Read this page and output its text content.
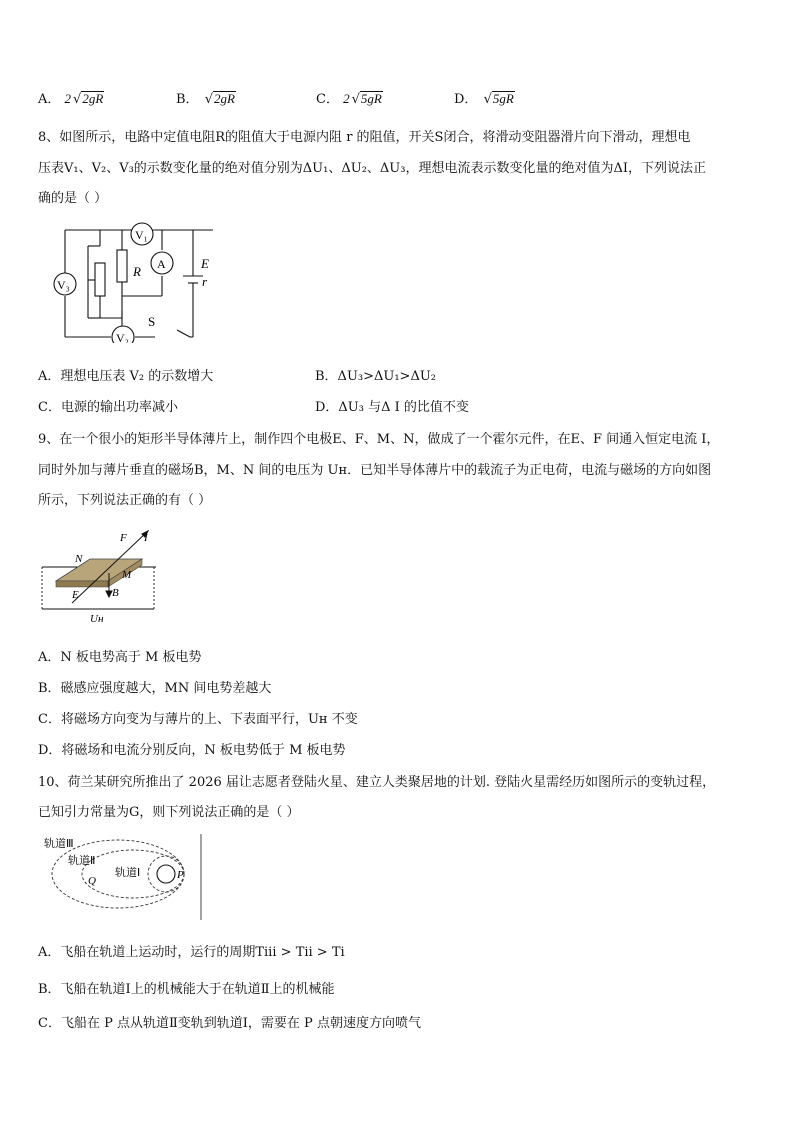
A． 2 √2gR	B． √2gR	C． 2 √5gR	D． √5gR
8、如图所示，电路中定值电阻R的阻值大于电源内阻 r 的阻值，开关S闭合，将滑动变阻器滑片向下滑动，理想电
压表V₁、V₂、V₃的示数变化量的绝对值分别为ΔU₁、ΔU₂、ΔU₃，理想电流表示数变化量的绝对值为ΔI，下列说法正
确的是（ ）
V₁
A
V₃
V₂
R
E
r
S
A．理想电压表 V₂ 的示数增大	B．ΔU₃>ΔU₁>ΔU₂
C．电源的输出功率减小	D．ΔU₃ 与Δ I 的比值不变
9、在一个很小的矩形半导体薄片上，制作四个电极E、F、M、N，做成了一个霍尔元件，在E、F 间通入恒定电流 I，
同时外加与薄片垂直的磁场B，M、N 间的电压为 Uʜ．已知半导体薄片中的载流子为正电荷，电流与磁场的方向如图
所示，下列说法正确的有（ ）
F I
N
M
E	B
Uʜ
A．N 板电势高于 M 板电势
B．磁感应强度越大，MN 间电势差越大
C．将磁场方向变为与薄片的上、下表面平行，Uʜ 不变
D．将磁场和电流分别反向，N 板电势低于 M 板电势
10、荷兰某研究所推出了 2026 届让志愿者登陆火星、建立人类聚居地的计划. 登陆火星需经历如图所示的变轨过程，
已知引力常量为G，则下列说法正确的是（ ）
轨道Ⅲ
轨道Ⅱ
轨道Ⅰ
Q	P
A．飞船在轨道上运动时，运行的周期Tⅲ > Tⅱ > Tⅰ
B．飞船在轨道Ⅰ上的机械能大于在轨道Ⅱ上的机械能
C．飞船在 P 点从轨道Ⅱ变轨到轨道Ⅰ，需要在 P 点朝速度方向喷气
